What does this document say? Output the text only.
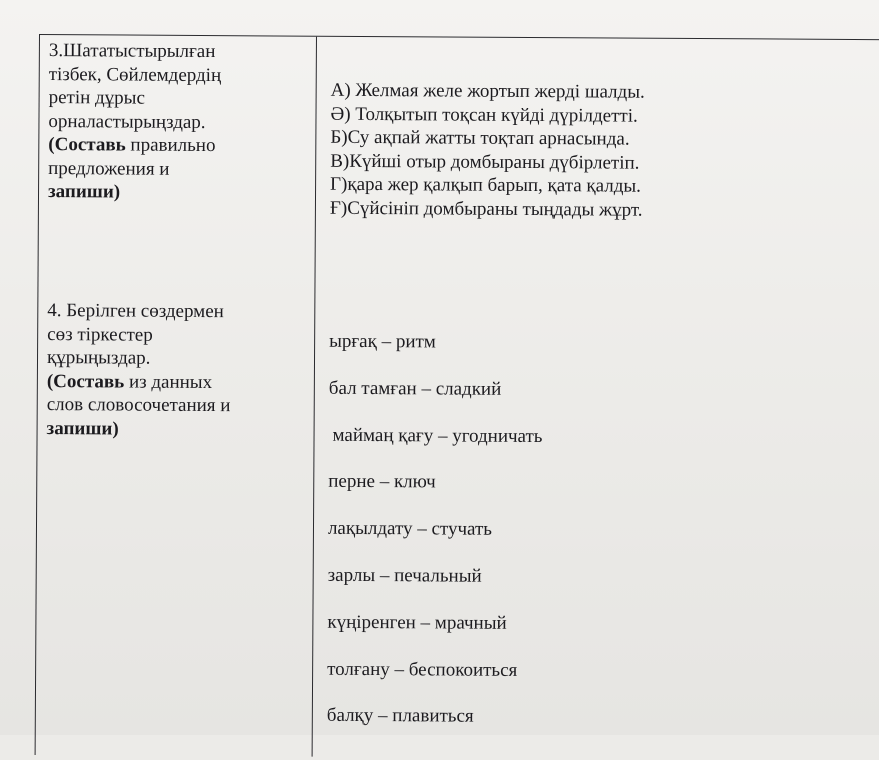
3.Шататыстырылған
тізбек, Сөйлемдердің
ретін дұрыс
орналастырыңздар.
(Составь правильно
предложения и
запиши)
А) Желмая желе жортып жерді шалды.
Ә) Толқытып тоқсан күйді дүрілдетті.
Б)Су ақпай жатты тоқтап арнасында.
В)Күйші отыр домбыраны дүбірлетіп.
Г)қара жер қалқып барып, қата қалды.
Ғ)Сүйсініп домбыраны тыңдады жұрт.
4. Берілген сөздермен
сөз тіркестер
құрыңыздар.
(Составь из данных
слов словосочетания и
запиши)
ырғақ – ритм
бал тамған – сладкий
маймаң қағу – угодничать
перне – ключ
лақылдату – стучать
зарлы – печальный
күңіренген – мрачный
толғану – беспокоиться
балқу – плавиться
